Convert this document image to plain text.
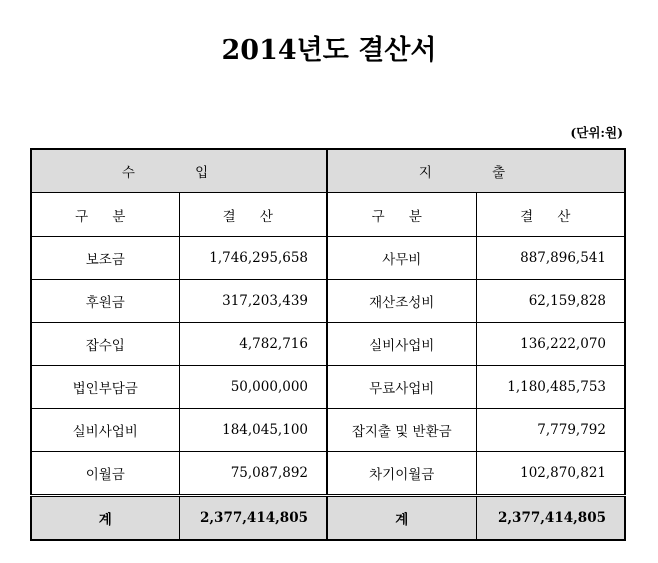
2014년도 결산서
(단위:원)
수 입		지 출	
구 분	결 산	구 분	결 산
보조금	1,746,295,658	사무비	887,896,541
후원금	317,203,439	재산조성비	62,159,828
잡수입	4,782,716	실비사업비	136,222,070
법인부담금	50,000,000	무료사업비	1,180,485,753
실비사업비	184,045,100	잡지출 및 반환금	7,779,792
이월금	75,087,892	차기이월금	102,870,821
계	2,377,414,805	계	2,377,414,805
